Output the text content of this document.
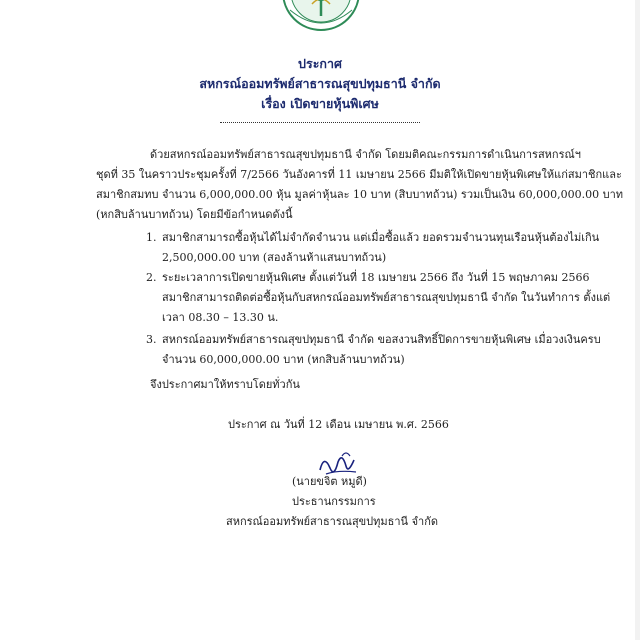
ประกาศ
สหกรณ์ออมทรัพย์สาธารณสุขปทุมธานี จำกัด
เรื่อง เปิดขายหุ้นพิเศษ
ด้วยสหกรณ์ออมทรัพย์สาธารณสุขปทุมธานี จำกัด โดยมติคณะกรรมการดำเนินการสหกรณ์ฯ
ชุดที่ 35 ในคราวประชุมครั้งที่ 7/2566 วันอังคารที่ 11 เมษายน 2566 มีมติให้เปิดขายหุ้นพิเศษให้แก่สมาชิกและ
สมาชิกสมทบ จำนวน 6,000,000.00 หุ้น มูลค่าหุ้นละ 10 บาท (สิบบาทถ้วน) รวมเป็นเงิน 60,000,000.00 บาท
(หกสิบล้านบาทถ้วน) โดยมีข้อกำหนดดังนี้
1. สมาชิกสามารถซื้อหุ้นได้ไม่จำกัดจำนวน แต่เมื่อซื้อแล้ว ยอดรวมจำนวนทุนเรือนหุ้นต้องไม่เกิน
2,500,000.00 บาท (สองล้านห้าแสนบาทถ้วน)
2. ระยะเวลาการเปิดขายหุ้นพิเศษ ตั้งแต่วันที่ 18 เมษายน 2566 ถึง วันที่ 15 พฤษภาคม 2566
สมาชิกสามารถติดต่อซื้อหุ้นกับสหกรณ์ออมทรัพย์สาธารณสุขปทุมธานี จำกัด ในวันทำการ ตั้งแต่
เวลา 08.30 – 13.30 น.
3. สหกรณ์ออมทรัพย์สาธารณสุขปทุมธานี จำกัด ขอสงวนสิทธิ์ปิดการขายหุ้นพิเศษ เมื่อวงเงินครบ
จำนวน 60,000,000.00 บาท (หกสิบล้านบาทถ้วน)
จึงประกาศมาให้ทราบโดยทั่วกัน
ประกาศ ณ วันที่ 12 เดือน เมษายน พ.ศ. 2566
(นายขจิต หมูดี)
ประธานกรรมการ
สหกรณ์ออมทรัพย์สาธารณสุขปทุมธานี จำกัด
